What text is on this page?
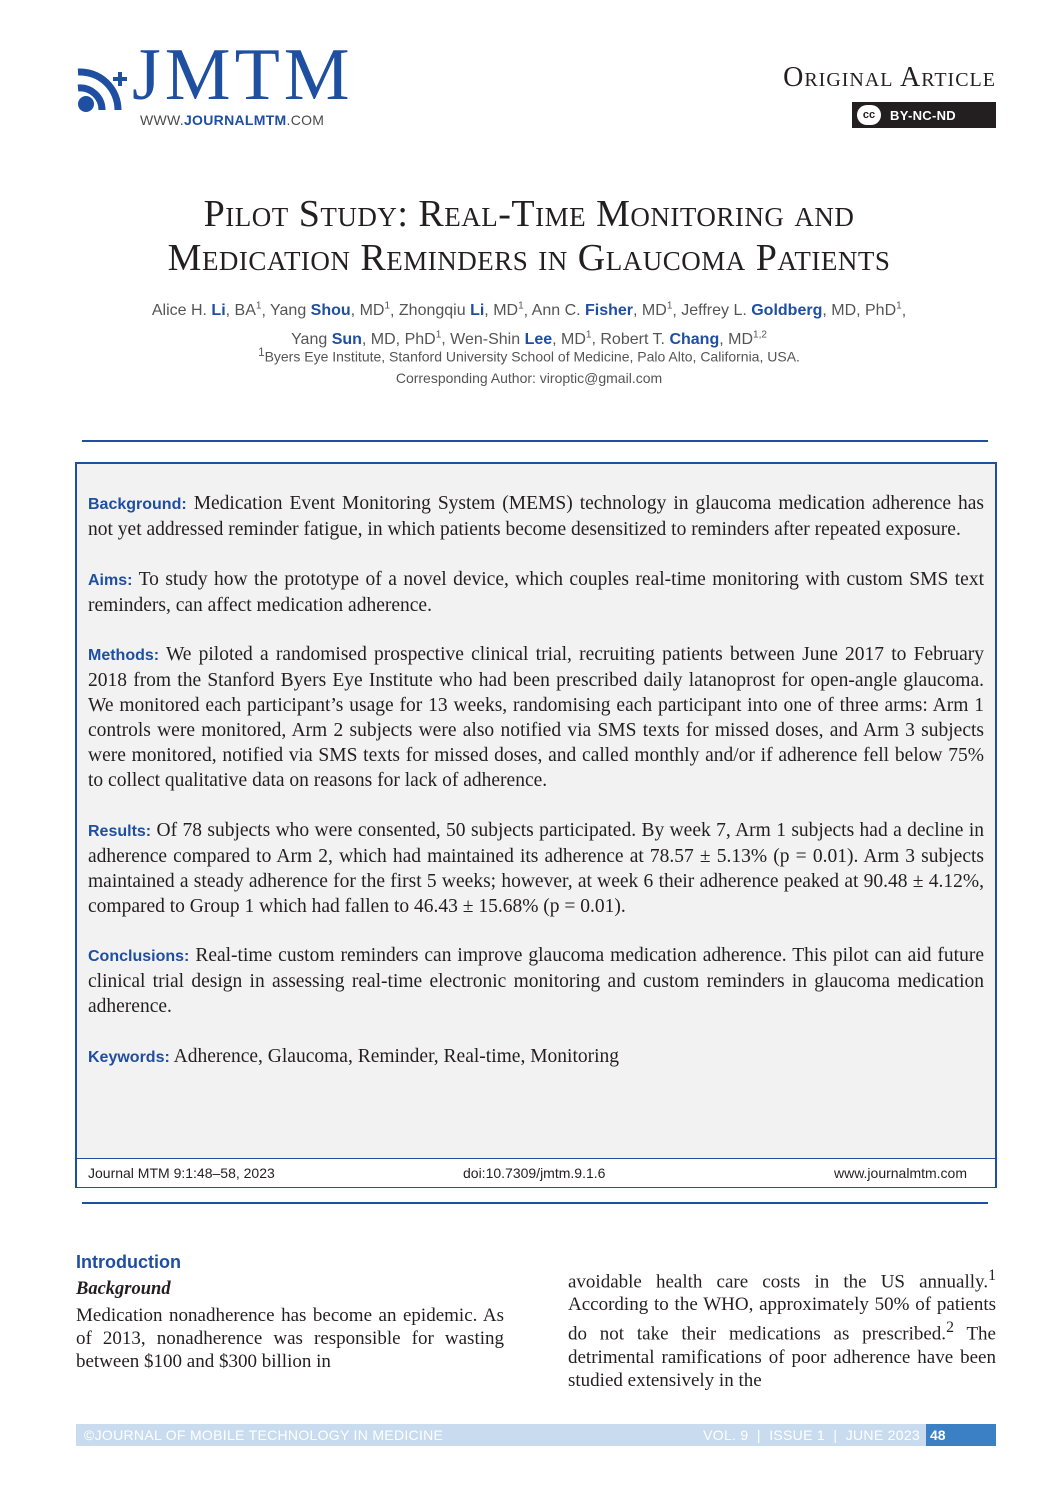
JMTM
WWW.JOURNALMTM.COM
Original Article
cc	BY-NC-ND
Pilot Study: Real-Time Monitoring and
Medication Reminders in Glaucoma Patients
Alice H. Li, $BA^1$, Yang Shou, $MD^1$, Zhongqiu Li, $MD^1$, Ann C. Fisher, $MD^1$, Jeffrey L. Goldberg, MD, PhD$^1$,
Yang Sun, MD, PhD$^1$, Wen-Shin Lee, $MD^1$, Robert T. Chang, MD$^{1,2}$
$^1$Byers Eye Institute, Stanford University School of Medicine, Palo Alto, California, USA.
Corresponding Author: viroptic@gmail.com

Background: Medication Event Monitoring System (MEMS) technology in glaucoma medication adherence has not yet addressed reminder fatigue, in which patients become desensitized to reminders after repeated exposure.

Aims: To study how the prototype of a novel device, which couples real-time monitoring with custom SMS text reminders, can affect medication adherence.

Methods: We piloted a randomised prospective clinical trial, recruiting patients between June 2017 to February 2018 from the Stanford Byers Eye Institute who had been prescribed daily latanoprost for open-angle glaucoma. We monitored each participant’s usage for 13 weeks, randomising each participant into one of three arms: Arm 1 controls were monitored, Arm 2 subjects were also notified via SMS texts for missed doses, and Arm 3 subjects were monitored, notified via SMS texts for missed doses, and called monthly and/or if adherence fell below 75% to collect qualitative data on reasons for lack of adherence.

Results: Of 78 subjects who were consented, 50 subjects participated. By week 7, Arm 1 subjects had a decline in adherence compared to Arm 2, which had maintained its adherence at 78.57 ± 5.13% (p = 0.01). Arm 3 subjects maintained a steady adherence for the first 5 weeks; however, at week 6 their adherence peaked at 90.48 ± 4.12%, compared to Group 1 which had fallen to 46.43 ± 15.68% (p = 0.01).

Conclusions: Real-time custom reminders can improve glaucoma medication adherence. This pilot can aid future clinical trial design in assessing real-time electronic monitoring and custom reminders in glaucoma medication adherence.

Keywords: Adherence, Glaucoma, Reminder, Real-time, Monitoring

Journal MTM 9:1:48–58, 2023	doi:10.7309/jmtm.9.1.6	www.journalmtm.com
Introduction
Background
Medication nonadherence has become an epidemic. As of 2013, nonadherence was responsible for wasting between $100 and $300 billion in
avoidable health care costs in the US annually.$^1$ According to the WHO, approximately 50% of patients do not take their medications as prescribed.$^2$ The detrimental ramifications of poor adherence have been studied extensively in the
©JOURNAL OF MOBILE TECHNOLOGY IN MEDICINE	VOL. 9  |  ISSUE 1  |  JUNE 2023 48
